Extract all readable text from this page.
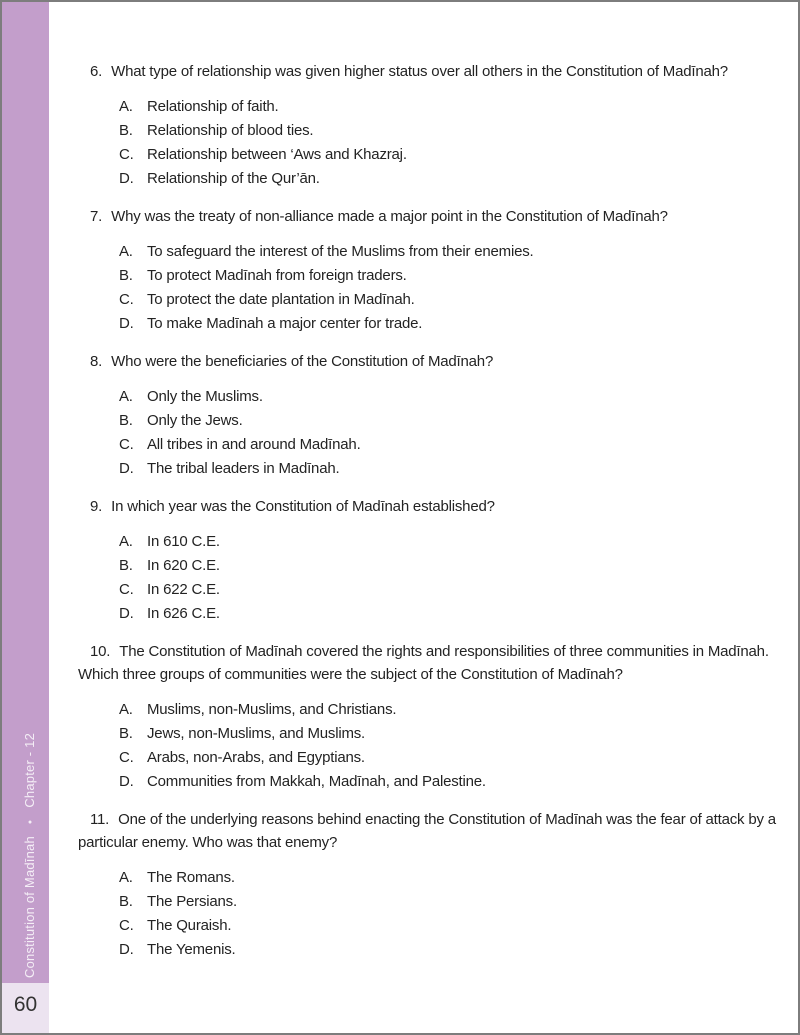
Constitution of Madīnah●Chapter - 12
60

6. What type of relationship was given higher status over all others in the Constitution of Madīnah?

A. Relationship of faith.
B. Relationship of blood ties.
C. Relationship between ‘Aws and Khazraj.
D. Relationship of the Qur’ān.

7. Why was the treaty of non-alliance made a major point in the Constitution of Madīnah?

A. To safeguard the interest of the Muslims from their enemies.
B. To protect Madīnah from foreign traders.
C. To protect the date plantation in Madīnah.
D. To make Madīnah a major center for trade.

8. Who were the beneficiaries of the Constitution of Madīnah?

A. Only the Muslims.
B. Only the Jews.
C. All tribes in and around Madīnah.
D. The tribal leaders in Madīnah.

9. In which year was the Constitution of Madīnah established?

A. In 610 C.E.
B. In 620 C.E.
C. In 622 C.E.
D. In 626 C.E.

10. The Constitution of Madīnah covered the rights and responsibilities of three communities in Madīnah. Which three groups of communities were the subject of the Constitution of Madīnah?

A. Muslims, non-Muslims, and Christians.
B. Jews, non-Muslims, and Muslims.
C. Arabs, non-Arabs, and Egyptians.
D. Communities from Makkah, Madīnah, and Palestine.

11. One of the underlying reasons behind enacting the Constitution of Madīnah was the fear of attack by a particular enemy. Who was that enemy?

A. The Romans.
B. The Persians.
C. The Quraish.
D. The Yemenis.
